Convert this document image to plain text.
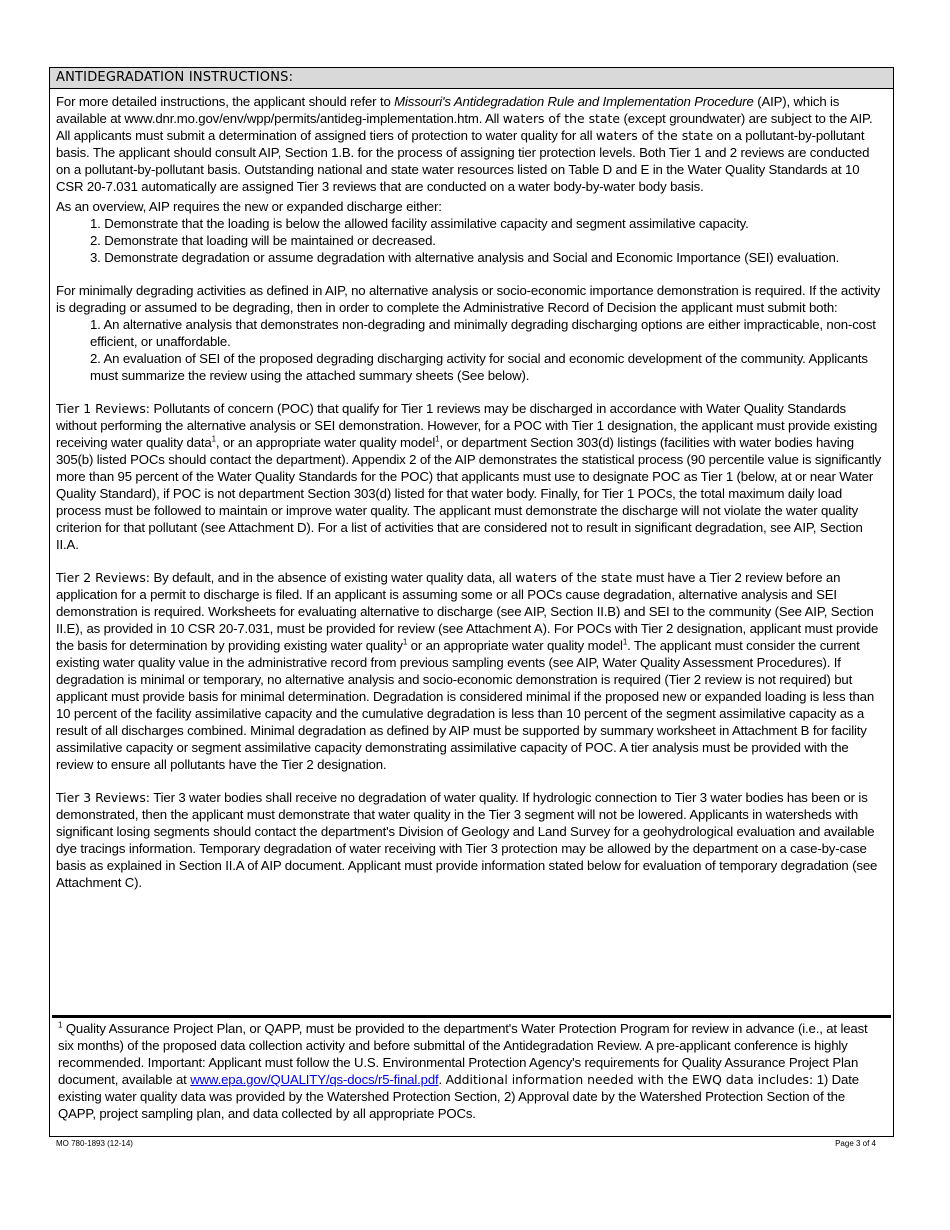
ANTIDEGRADATION INSTRUCTIONS:

For more detailed instructions, the applicant should refer to Missouri's Antidegradation Rule and Implementation Procedure (AIP), which is available at www.dnr.mo.gov/env/wpp/permits/antideg-implementation.htm. All waters of the state (except groundwater) are subject to the AIP. All applicants must submit a determination of assigned tiers of protection to water quality for all waters of the state on a pollutant-by-pollutant basis. The applicant should consult AIP, Section 1.B. for the process of assigning tier protection levels. Both Tier 1 and 2 reviews are conducted on a pollutant-by-pollutant basis. Outstanding national and state water resources listed on Table D and E in the Water Quality Standards at 10 CSR 20-7.031 automatically are assigned Tier 3 reviews that are conducted on a water body-by-water body basis.

As an overview, AIP requires the new or expanded discharge either:

1. Demonstrate that the loading is below the allowed facility assimilative capacity and segment assimilative capacity.
2. Demonstrate that loading will be maintained or decreased.
3. Demonstrate degradation or assume degradation with alternative analysis and Social and Economic Importance (SEI) evaluation.

For minimally degrading activities as defined in AIP, no alternative analysis or socio-economic importance demonstration is required. If the activity is degrading or assumed to be degrading, then in order to complete the Administrative Record of Decision the applicant must submit both:

1. An alternative analysis that demonstrates non-degrading and minimally degrading discharging options are either impracticable, non-cost efficient, or unaffordable.
2. An evaluation of SEI of the proposed degrading discharging activity for social and economic development of the community. Applicants must summarize the review using the attached summary sheets (See below).

Tier 1 Reviews: Pollutants of concern (POC) that qualify for Tier 1 reviews may be discharged in accordance with Water Quality Standards without performing the alternative analysis or SEI demonstration. However, for a POC with Tier 1 designation, the applicant must provide existing receiving water quality data$^1$, or an appropriate water quality model$^1$, or department Section 303(d) listings (facilities with water bodies having 305(b) listed POCs should contact the department). Appendix 2 of the AIP demonstrates the statistical process (90 percentile value is significantly more than 95 percent of the Water Quality Standards for the POC) that applicants must use to designate POC as Tier 1 (below, at or near Water Quality Standard), if POC is not department Section 303(d) listed for that water body. Finally, for Tier 1 POCs, the total maximum daily load process must be followed to maintain or improve water quality. The applicant must demonstrate the discharge will not violate the water quality criterion for that pollutant (see Attachment D). For a list of activities that are considered not to result in significant degradation, see AIP, Section II.A.

Tier 2 Reviews: By default, and in the absence of existing water quality data, all waters of the state must have a Tier 2 review before an application for a permit to discharge is filed. If an applicant is assuming some or all POCs cause degradation, alternative analysis and SEI demonstration is required. Worksheets for evaluating alternative to discharge (see AIP, Section II.B) and SEI to the community (See AIP, Section II.E), as provided in 10 CSR 20-7.031, must be provided for review (see Attachment A). For POCs with Tier 2 designation, applicant must provide the basis for determination by providing existing water quality$^1$ or an appropriate water quality model$^1$. The applicant must consider the current existing water quality value in the administrative record from previous sampling events (see AIP, Water Quality Assessment Procedures). If degradation is minimal or temporary, no alternative analysis and socio-economic demonstration is required (Tier 2 review is not required) but applicant must provide basis for minimal determination. Degradation is considered minimal if the proposed new or expanded loading is less than 10 percent of the facility assimilative capacity and the cumulative degradation is less than 10 percent of the segment assimilative capacity as a result of all discharges combined. Minimal degradation as defined by AIP must be supported by summary worksheet in Attachment B for facility assimilative capacity or segment assimilative capacity demonstrating assimilative capacity of POC. A tier analysis must be provided with the review to ensure all pollutants have the Tier 2 designation.

Tier 3 Reviews: Tier 3 water bodies shall receive no degradation of water quality. If hydrologic connection to Tier 3 water bodies has been or is demonstrated, then the applicant must demonstrate that water quality in the Tier 3 segment will not be lowered. Applicants in watersheds with significant losing segments should contact the department's Division of Geology and Land Survey for a geohydrological evaluation and available dye tracings information. Temporary degradation of water receiving with Tier 3 protection may be allowed by the department on a case-by-case basis as explained in Section II.A of AIP document. Applicant must provide information stated below for evaluation of temporary degradation (see Attachment C).

$^1$ Quality Assurance Project Plan, or QAPP, must be provided to the department's Water Protection Program for review in advance (i.e., at least six months) of the proposed data collection activity and before submittal of the Antidegradation Review. A pre-applicant conference is highly recommended. Important: Applicant must follow the U.S. Environmental Protection Agency's requirements for Quality Assurance Project Plan document, available at www.epa.gov/QUALITY/qs-docs/r5-final.pdf. Additional information needed with the EWQ data includes: 1) Date existing water quality data was provided by the Watershed Protection Section, 2) Approval date by the Watershed Protection Section of the QAPP, project sampling plan, and data collected by all appropriate POCs.
MO 780-1893 (12-14)	Page 3 of 4
